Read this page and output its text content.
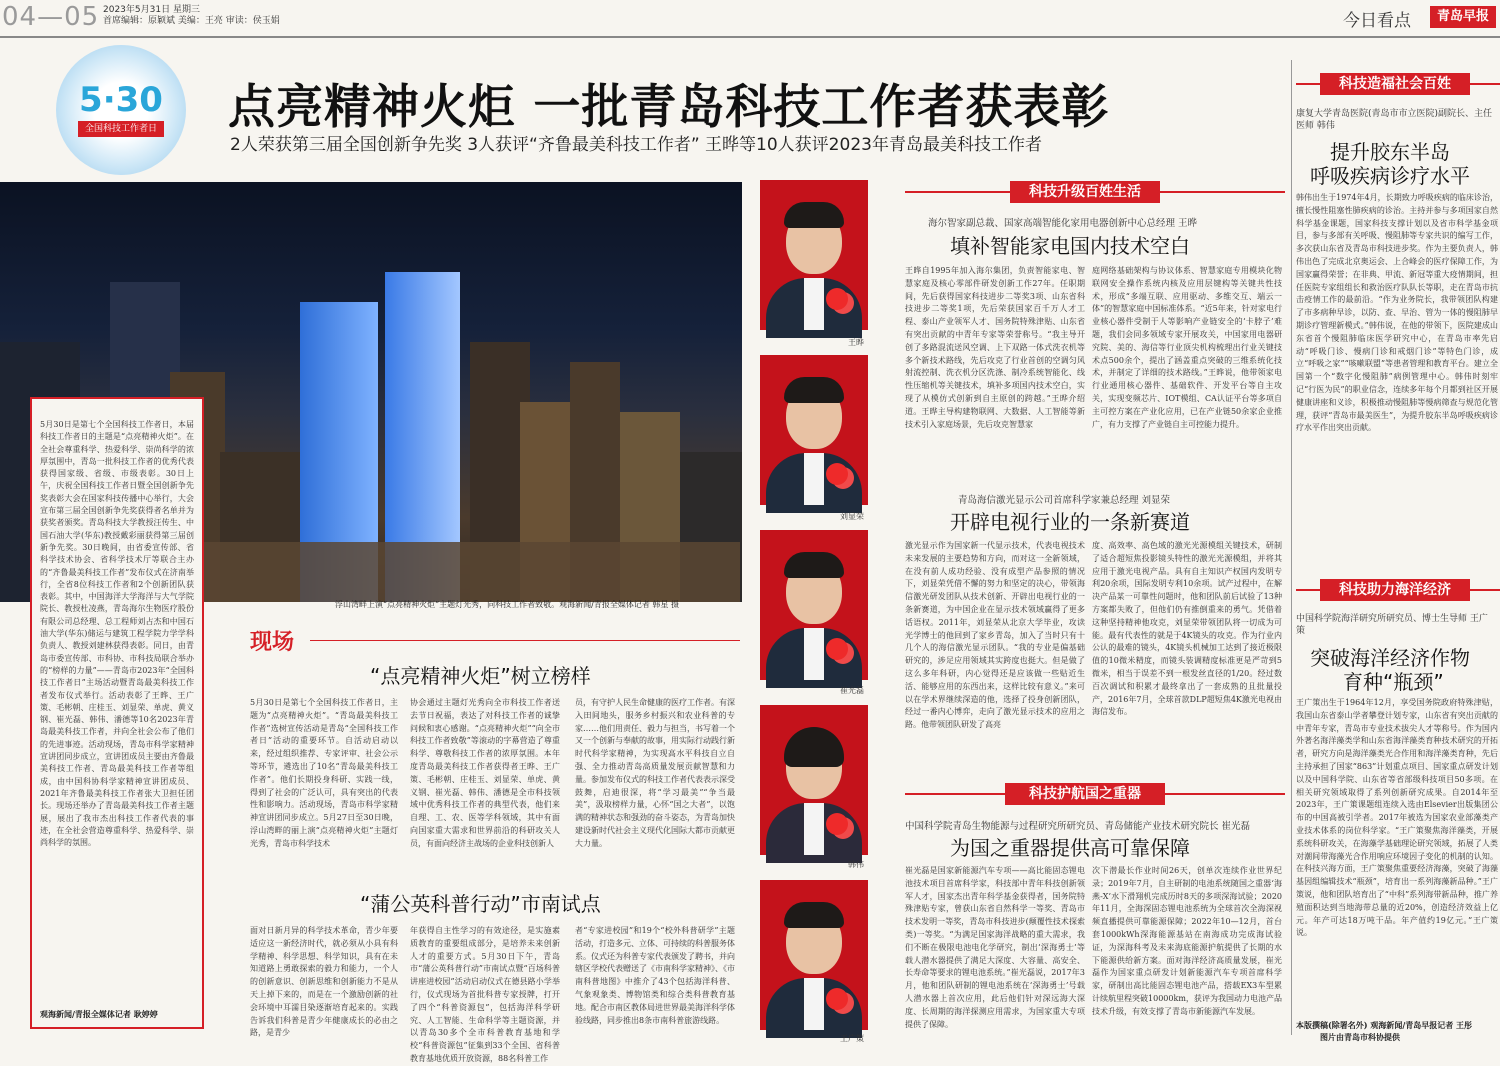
04—05 2023年5月31日 星期三
首席编辑：原颖斌 美编：王亮 审读：侯玉娟	今日看点	青岛早报
5·30
全国科技工作者日 点亮精神火炬 一批青岛科技工作者获表彰
2人荣获第三届全国创新争先奖 3人获评“齐鲁最美科技工作者” 王晔等10人获评2023年青岛最美科技工作者
浮山湾畔上演“点亮精神火炬”主题灯光秀，向科技工作者致敬。观海新闻/青报全媒体记者 韩星 摄
5月30日是第七个全国科技工作者日，本届科技工作者日的主题是“点亮精神火炬”。在全社会尊重科学、热爱科学、崇尚科学的浓厚氛围中，青岛一批科技工作者的优秀代表获得国家级、省级、市级表彰。30日上午，庆祝全国科技工作者日暨全国创新争先奖表彰大会在国家科技传播中心举行，大会宣布第三届全国创新争先奖获得者名单并为获奖者颁奖。青岛科技大学教授汪传生、中国石油大学(华东)教授戴彩丽获得第三届创新争先奖。30日晚间，由省委宣传部、省科学技术协会、省科学技术厅等联合主办的“齐鲁最美科技工作者”发布仪式在济南举行，全省8位科技工作者和2个创新团队获表彰。其中，中国海洋大学海洋与大气学院院长、教授杜凌燕，青岛海尔生物医疗股份有限公司总经理、总工程师刘占杰和中国石油大学(华东)储运与建筑工程学院力学学科负责人、教授刘建林获得表彰。同日，由青岛市委宣传部、市科协、市科技局联合举办的“榜样的力量”——青岛市2023年“全国科技工作者日”主场活动暨青岛最美科技工作者发布仪式举行。活动表彰了王晔、王广策、毛彬朝、庄桂玉、刘显荣、单虎、黄义钢、崔光磊、韩伟、潘德等10名2023年青岛最美科技工作者，并向全社会公布了他们的先进事迹。活动现场，青岛市科学家精神宣讲团同步成立，宣讲团成员主要由齐鲁最美科技工作者、青岛最美科技工作者等组成，由中国科协科学家精神宣讲团成员、2021年齐鲁最美科技工作者张大卫担任团长。现场还举办了青岛最美科技工作者主题展，展出了我市杰出科技工作者代表的事迹，在全社会营造尊重科学、热爱科学、崇尚科学的氛围。
观海新闻/青报全媒体记者 耿婷婷
现场
“点亮精神火炬”树立榜样
5月30日是第七个全国科技工作者日，主题为“点亮精神火炬”。“青岛最美科技工作者”选树宣传活动是青岛“全国科技工作者日”活动的重要环节。自活动启动以来，经过组织推荐、专家评审、社会公示等环节，遴选出了10名“青岛最美科技工作者”。他们长期投身科研、实践一线，得到了社会的广泛认可，具有突出的代表性和影响力。活动现场，青岛市科学家精神宣讲团同步成立。5月27日至30日晚，浮山湾畔的丽上演“点亮精神火炬”主题灯光秀，青岛市科学技术
协会通过主题灯光秀向全市科技工作者送去节日祝福，表达了对科技工作者的诚挚问候和衷心感谢。“点亮精神火炬”“向全市科技工作者致敬”等滚动的字幕营造了尊重科学、尊敬科技工作者的浓厚氛围。本年度青岛最美科技工作者获得者王晔、王广策、毛彬朝、庄桂玉、刘显荣、单虎、黄义钢、崔光磊、韩伟、潘德是全市科技领域中优秀科技工作者的典型代表，他们来自理、工、农、医等学科领域，其中有面向国家重大需求和世界前沿的科研攻关人员，有面向经济主战场的企业科技创新人
员，有守护人民生命健康的医疗工作者。有深入田间地头，服务乡村振兴和农业科普的专家……他们用责任、毅力与担当，书写着一个又一个创新与奉献的故事，用实际行动践行新时代科学家精神，为实现高水平科技自立自强、全力推动青岛高质量发展贡献智慧和力量。参加发布仪式的科技工作者代表表示深受鼓舞，启迪很深，将“学习最美”“争当最美”，汲取榜样力量，心怀“国之大者”，以饱满的精神状态和强劲的奋斗姿态，为青岛加快建设新时代社会主义现代化国际大都市贡献更大力量。
“蒲公英科普行动”市南试点
面对日新月异的科学技术革命，青少年要适应这一新经济时代，就必须从小具有科学精神、科学思想、科学知识，具有在未知道路上勇敢探索的毅力和能力，一个人的创新意识、创新思维和创新能力不是从天上掉下来的，而是在一个激励创新的社会环境中耳濡目染逐渐培育起来的。实践告诉我们科普是青少年健康成长的必由之路，是青少
年获得自主性学习的有效途径，是实施素质教育的重要组成部分，是培养未来创新人才的重要方式。5月30日下午，青岛市“蒲公英科普行动”市南试点暨“百场科普讲座进校园”活动启动仪式在德县路小学举行，仪式现场为首批科普专家授牌，打开了四个“科普资源包”，包括海洋科学研究、人工智能、生命科学等主题资源，并以青岛30多个全市科普教育基地和学校“科普资源包”征集到33个全国、省科普教育基地优质开放资源，88名科普工作
者“专家进校园”和19个“校外科普研学”主题活动，打造多元、立体、可持续的科普服务体系。仪式还为科普专家代表颁发了聘书，并向辖区学校代表赠送了《市南科学家精神》、《市南科普地图》中推介了43个包括海洋科普、气象观象类、博物馆类和综合类科普教育基地。配合市南区教体局进世界最美海洋科学体验线路，同步推出8条市南科普旅游线路。
王晔
刘显荣
崔光磊
韩伟
王广策
科技升级百姓生活
海尔智家副总裁、国家高端智能化家用电器创新中心总经理 王晔
填补智能家电国内技术空白
王晔自1995年加入海尔集团，负责智能家电、智慧家庭及核心零部件研发创新工作27年。任职期间，先后获得国家科技进步二等奖3项、山东省科技进步二等奖1项，先后荣获国家百千万人才工程、泰山产业领军人才、国务院特殊津贴、山东省有突出贡献的中青年专家等荣誉称号。“我主导开创了多路混流送风空调、上下双路一体式洗衣机等多个新技术路线，先后攻克了行业首创的空调匀风射流控制、洗衣机分区洗涤、制冷系统智能化、线性压缩机等关键技术，填补多项国内技术空白，实现了从模仿式创新到自主原创的跨越。”王晔介绍道。王晔主导构建物联网、大数据、人工智能等新技术引入家庭场景，先后攻克智慧家
庭网络基础架构与协议体系、智慧家庭专用模块化物联网安全操作系统内核及应用层键构等关键共性技术，形成“多端互联、应用驱动、多维交互、端云一体”的智慧家庭中国标准体系。“近5年来，针对家电行业核心器件受制于人等影响产业链安全的‘卡脖子’难题，我们会同多领域专家开展攻关，中国家用电器研究院、美的、海信等行业顶尖机构梳理出行业关键技术点500余个，提出了涵盖重点突破的三维系统化技术，并制定了详细的技术路线。”王晔说，他带领家电行业通用核心器件、基础软件、开发平台等自主攻关，实现变频芯片、IOT模组、CA认证平台等多项自主可控方案在产业化应用，已在产业链50余家企业推广，有力支撑了产业链自主可控能力提升。
青岛海信激光显示公司首席科学家兼总经理 刘显荣
开辟电视行业的一条新赛道
激光显示作为国家新一代显示技术，代表电视技术未来发展的主要趋势和方向，而对这一全新领域，在没有前人成功经验、没有成型产品参照的情况下，刘显荣凭借不懈的努力和坚定的决心，带领海信激光研发团队从技术创新、开辟出电视行业的一条新赛道，为中国企业在显示技术领域赢得了更多话语权。2011年，刘显荣从北京大学毕业，攻读光学博士的他回到了家乡青岛，加入了当时只有十几个人的海信激光显示团队。“我的专业是偏基础研究的，涉足应用领域其实跨度也挺大。但是做了这么多年科研，内心觉得还是应该做一些贴近生活、能够应用的东西出来，这样比较有意义。”来可以在学术界继续深造的他，选择了投身创新团队，经过一番内心博弈，走向了激光显示技术的应用之路。他带领团队研发了高亮
度、高效率、高色域的激光光源模组关键技术，研制了适合超短焦投影镜头特性的激光光源模组，并将其应用于激光电视产品。具有自主知识产权国内发明专利20余项，国际发明专利10余项。试产过程中，在解决产品某一可靠性问题时，他和团队前后试验了13种方案都失败了，但他们仍有推倒重来的勇气。凭借着这种坚持精神他攻克，刘显荣带领团队将一切成为可能。最有代表性的就是于4K镜头的攻克。作为行业内公认的最难的镜头，4K镜头机械加工达到了接近极限值的10微米精度，而镜头装调精度标准更是严苛到5微米，相当于误差不到一根发丝直径的1/20。经过数百次调试和积累才最终拿出了一套成熟的且批量投产，2016年7月，全球首款DLP超短焦4K激光电视由海信发布。
科技护航国之重器
中国科学院青岛生物能源与过程研究所研究员、青岛储能产业技术研究院长 崔光磊
为国之重器提供高可靠保障
崔光磊是国家新能源汽车专项——高比能固态锂电池技术项目首席科学家，科技部中青年科技创新领军人才，国家杰出青年科学基金获得者，国务院特殊津贴专家，曾获山东省自然科学一等奖、青岛市技术发明一等奖，青岛市科技进步(颠覆性技术探索类)一等奖。“为满足国家海洋战略的重大需求，我们不断在极限电池电化学研究，制出‘深海勇士’等载人潜水器提供了满足大深度、大容量、高安全、长寿命等要求的锂电池系统。”崔光磊说，2017年3月，他和团队研制的锂电池系统在‘深海勇士’号载人潜水器上首次应用，此后他们针对深远海大深度、长周期的海洋探测应用需求，为国家重大专项提供了保障。
次下潜最长作业时间26天，创单次连续作业世界纪录；2019年7月，自主研制的电池系统随国之重器‘海燕-X’水下滑翔机完成历时8天的多项深海试验；2020年11月，全海深固态锂电池系统为全球首次全海深视频直播提供可靠能源保障；2022年10—12月，首台套1000kWh深海能源基站在南海成功完成海试验证，为深海科考及未来海底能源护航提供了长期的水下能源供给新方案。面对海洋经济高质量发展，崔光磊作为国家重点研发计划新能源汽车专项首席科学家，研制出高比能固态锂电池产品，搭载EX3车型累计续航里程突破10000km，获评为我国动力电池产品技术升级，有效支撑了青岛市新能源汽车发展。
科技造福社会百姓
康复大学青岛医院(青岛市市立医院)副院长、主任医师 韩伟
提升胶东半岛
呼吸疾病诊疗水平
韩伟出生于1974年4月，长期致力呼吸疾病的临床诊治，擅长慢性阻塞性肺疾病的诊治。主持并参与多项国家自然科学基金课题，国家科技支撑计划以及省市科学基金项目，参与多部有关呼吸、慢阻肺等专家共识的编写工作，多次获山东省及青岛市科技进步奖。作为主要负责人，韩伟出色了完成北京奥运会、上合峰会的医疗保障工作，为国家赢得荣誉；在非典、甲流、新冠等重大疫情期间，担任医院专家组组长和救治医疗队队长等职，走在青岛市抗击疫情工作的最前沿。“作为业务院长，我带领团队构建了市多病种早诊，以防、查、早治、管为一体的慢阻肺早期诊疗管理新模式。”韩伟说，在他的带领下，医院建成山东省首个慢阻肺临床医学研究中心，在青岛市率先启动“呼吸门诊、慢病门诊和戒烟门诊”等特色门诊，成立“呼吸之家”“咳嗽联盟”等患者管理和教育平台。建立全国第一个“数字化慢阻肺”病例管理中心。韩伟时刻牢记“行医为民”的职业信念，连续多年每个月都到社区开展健康讲座和义诊，积极推动慢阻肺等慢病筛查与规范化管理，获评“青岛市最美医生”，为提升胶东半岛呼吸疾病诊疗水平作出突出贡献。
科技助力海洋经济
中国科学院海洋研究所研究员、博士生导师 王广策
突破海洋经济作物
育种“瓶颈”
王广策出生于1964年12月，享受国务院政府特殊津贴，我国山东省泰山学者攀登计划专家，山东省有突出贡献的中青年专家，青岛市专业技术拔尖人才等称号。作为国内外著名海洋藻类学和山东省海洋藻类育种技术研究的开拓者，研究方向是海洋藻类光合作用和海洋藻类育种，先后主持承担了国家“863”计划重点项目、国家重点研发计划以及中国科学院、山东省等省部级科技项目50多项。在相关研究领域取得了系列创新研究成果。自2014年至2023年，王广策课题组连续入选由Elsevier出版集团公布的中国高被引学者。2017年被选为国家农业部藻类产业技术体系的岗位科学家。“王广策聚焦海洋藻类，开展系统科研攻关，在海藻学基础理论研究领域，拓展了人类对潮间带海藻光合作用响应环境因子变化的机制的认知。在科技兴海方面，王广策聚焦重要经济海藻，突破了海藻基因组编辑技术“瓶颈”，培育出一系列海藻新品种。”王广策说，他和团队培育出了“中科”系列海带新品种，推广养殖面积达到当地海带总量的近20%，创造经济效益上亿元。年产可达18万吨干品。年产值约19亿元。”王广策说。
本版撰稿(除署名外) 观海新闻/青岛早报记者 王彤
图片由青岛市科协提供
